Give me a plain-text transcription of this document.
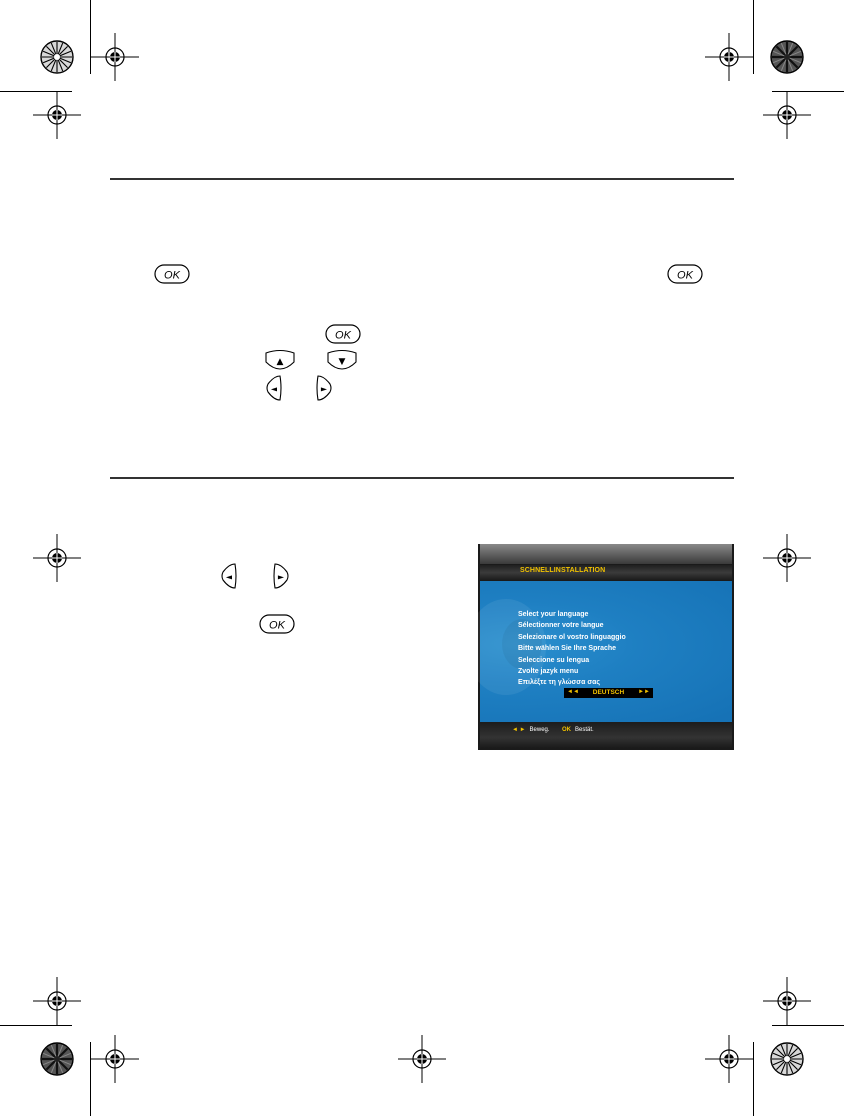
OK	OK
OK
OK
▲	▼
◄	►
◄	►
SCHNELLINSTALLATION
Select your language
Sélectionner votre langue
Selezionare ol vostro linguaggio
Bitte wählen Sie Ihre Sprache
Seleccione su lengua
Zvolte jazyk menu
Επιλέξτε τη γλώσσα σας
◄◄	DEUTSCH	►►
◄ ► Beweg. OK Bestät.
